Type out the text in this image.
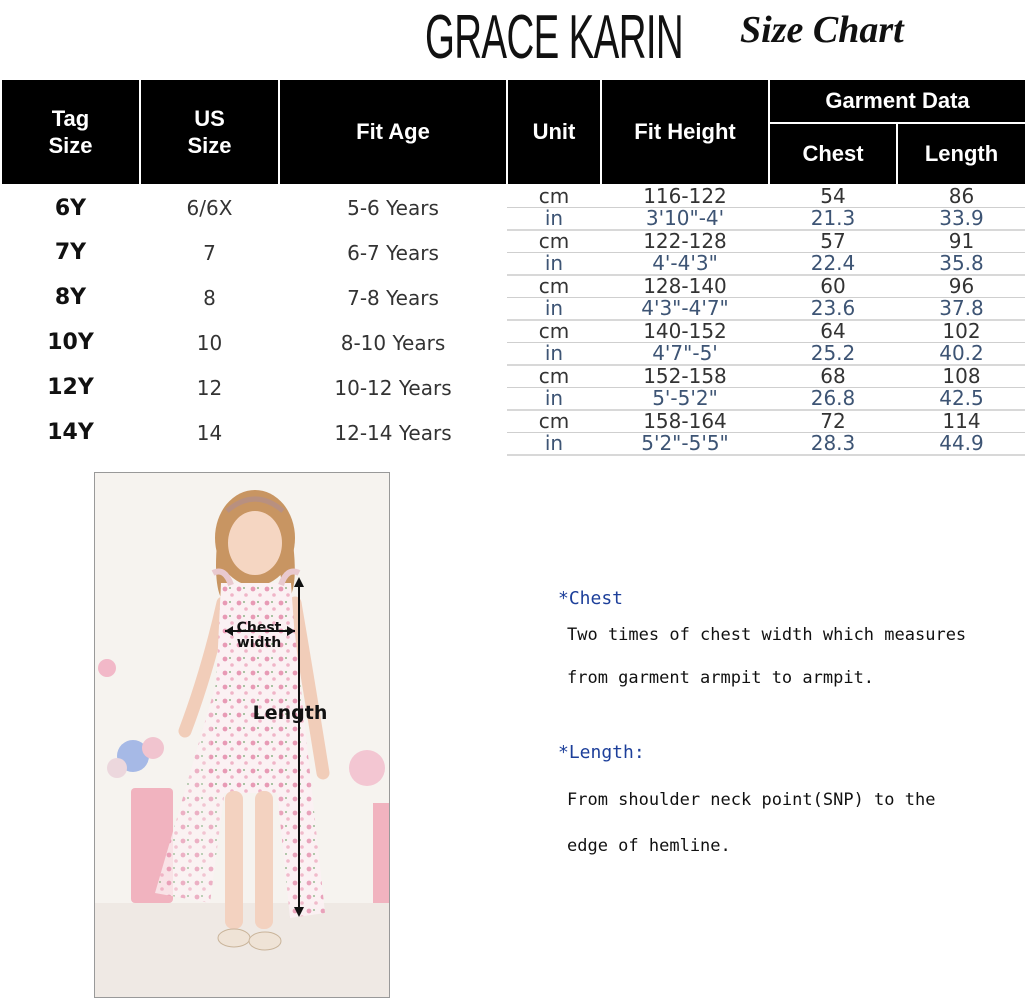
GRACE KARIN Size Chart
Tag Size	US Size	Fit Age	Unit	Fit Height	Garment Data	
					Chest	Length
6Y	6/6X	5-6 Years	cm	116-122	54	86
			in	3'10"-4'	21.3	33.9
7Y	7	6-7 Years	cm	122-128	57	91
			in	4'-4'3"	22.4	35.8
8Y	8	7-8 Years	cm	128-140	60	96
			in	4'3"-4'7"	23.6	37.8
10Y	10	8-10 Years	cm	140-152	64	102
			in	4'7"-5'	25.2	40.2
12Y	12	10-12 Years	cm	152-158	68	108
			in	5'-5'2"	26.8	42.5
14Y	14	12-14 Years	cm	158-164	72	114
			in	5'2"-5'5"	28.3	44.9
Chest
width
Length
*Chest
Two times of chest width which measures
from garment armpit to armpit.
*Length:
From shoulder neck point(SNP) to the
edge of hemline.
